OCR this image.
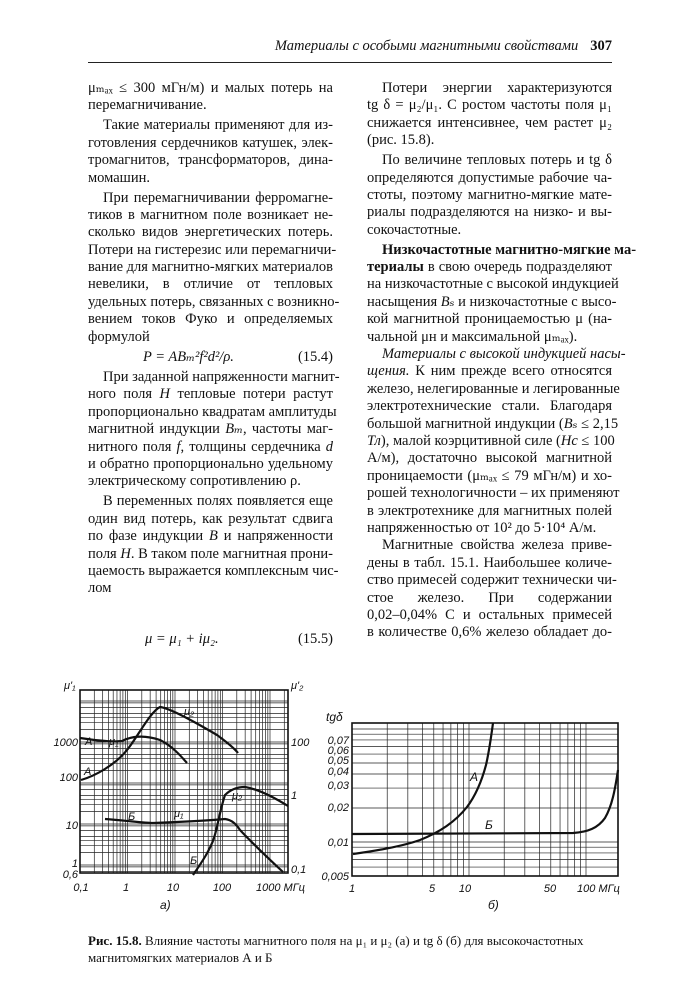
Материалы с особыми магнитными свойствами 307
μₘₐₓ ≤ 300 мГн/м) и малых потерь на
перемагничивание.
Такие материалы применяют для из-
готовления сердечников катушек, элек-
тромагнитов, трансформаторов, дина-
момашин.
При перемагничивании ферромагне-
тиков в магнитном поле возникает не-
сколько видов энергетических потерь.
Потери на гистерезис или перемагничи-
вание для магнитно-мягких материалов
невелики, в отличие от тепловых
удельных потерь, связанных с возникно-
вением токов Фуко и определяемых
формулой
P = ABₘ²f²d²/ρ.	(15.4)
При заданной напряженности магнит-
ного поля H тепловые потери растут
пропорционально квадратам амплитуды
магнитной индукции Bₘ, частоты маг-
нитного поля f, толщины сердечника d
и обратно пропорционально удельному
электрическому сопротивлению ρ.
В переменных полях появляется еще
один вид потерь, как результат сдвига
по фазе индукции B и напряженности
поля H. В таком поле магнитная прони-
цаемость выражается комплексным чис-
лом
μ = μ₁ + iμ₂.	(15.5)
Потери энергии характеризуются
tg δ = μ₂/μ₁. С ростом частоты поля μ₁
снижается интенсивнее, чем растет μ₂
(рис. 15.8).
По величине тепловых потерь и tg δ
определяются допустимые рабочие ча-
стоты, поэтому магнитно-мягкие мате-
риалы подразделяются на низко- и вы-
сокочастотные.
Низкочастотные магнитно-мягкие ма-
териалы в свою очередь подразделяют
на низкочастотные с высокой индукцией
насыщения Bₛ и низкочастотные с высо-
кой магнитной проницаемостью μ (на-
чальной μн и максимальной μₘₐₓ).
Материалы с высокой индукцией насы-
щения. К ним прежде всего относятся
железо, нелегированные и легированные
электротехнические стали. Благодаря
большой магнитной индукции (Bₛ ≤ 2,15
Тл), малой коэрцитивной силе (Hc ≤ 100
А/м), достаточно высокой магнитной
проницаемости (μₘₐₓ ≤ 79 мГн/м) и хо-
рошей технологичности – их применяют
в электротехнике для магнитных полей
напряженностью от 10² до 5·10⁴ А/м.
Магнитные свойства железа приве-
дены в табл. 15.1. Наибольшее количе-
ство примесей содержит технически чи-
стое железо. При содержании
0,02–0,04% C и остальных примесей
в количестве 0,6% железо обладает до-
μ'₁	μ'₂
1000
100
10
1
0,6
100
1
0,1
0,1	1	10	100 1000 МГц
A — μ₁
A
μ₂
Б	μ₁
μ₂
Б
а)
tgδ
0,07
0,06
0,05
0,04
0,03
0,02
0,01
0,005
1	5 10	50 100 МГц
A
Б
б)
Рис. 15.8. Влияние частоты магнитного поля на μ₁ и μ₂ (а) и tg δ (б) для высокочастотных магнитомягких материалов А и Б
